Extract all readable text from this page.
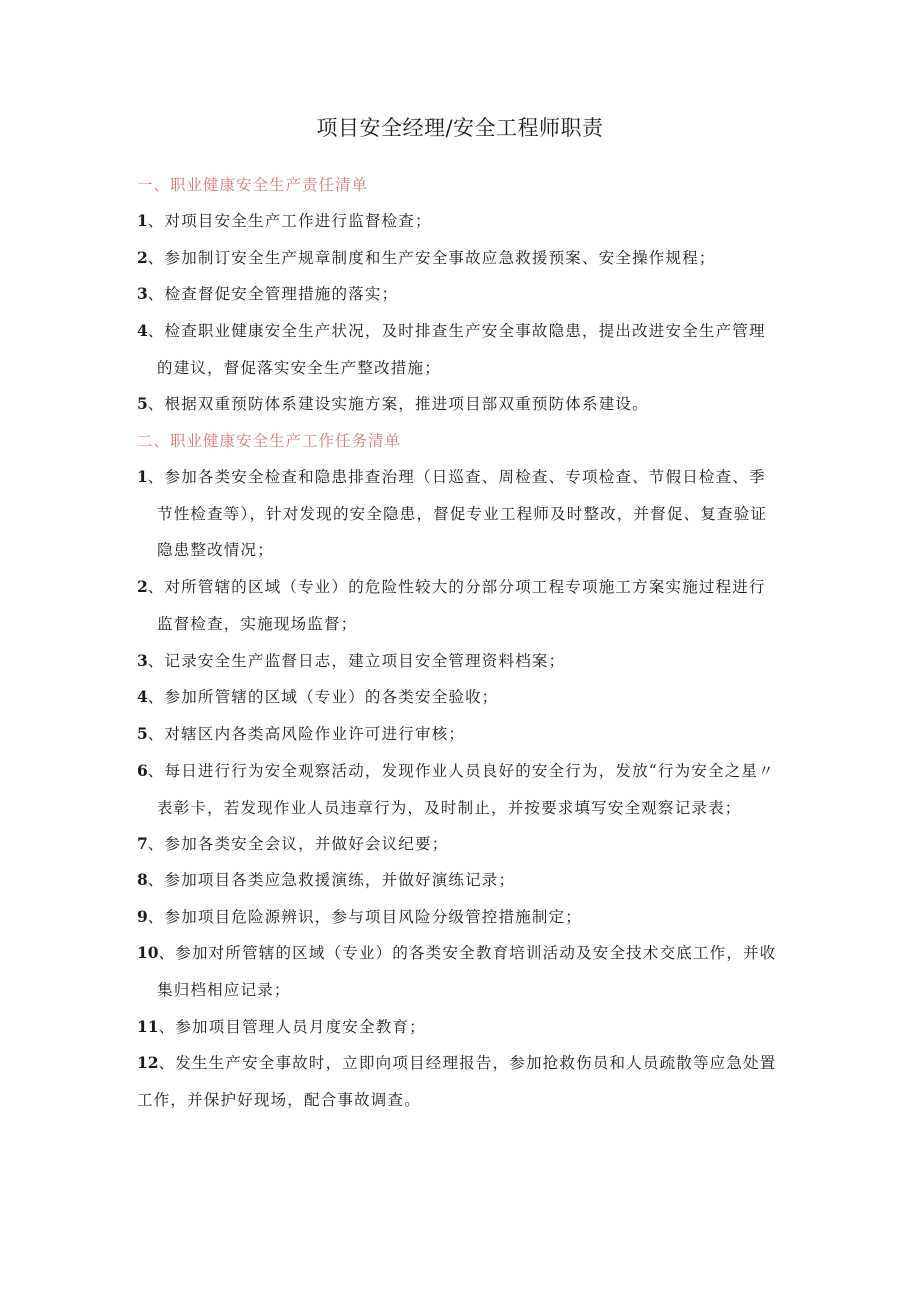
项目安全经理/安全工程师职责
一、职业健康安全生产责任清单
1、对项目安全生产工作进行监督检查；
2、参加制订安全生产规章制度和生产安全事故应急救援预案、安全操作规程；
3、检查督促安全管理措施的落实；
4、检查职业健康安全生产状况，及时排查生产安全事故隐患，提出改进安全生产管理
的建议，督促落实安全生产整改措施；
5、根据双重预防体系建设实施方案，推进项目部双重预防体系建设。
二、职业健康安全生产工作任务清单
1、参加各类安全检查和隐患排查治理（日巡查、周检查、专项检查、节假日检查、季
节性检查等），针对发现的安全隐患，督促专业工程师及时整改，并督促、复查验证
隐患整改情况；
2、对所管辖的区域（专业）的危险性较大的分部分项工程专项施工方案实施过程进行
监督检查，实施现场监督；
3、记录安全生产监督日志，建立项目安全管理资料档案；
4、参加所管辖的区域（专业）的各类安全验收；
5、对辖区内各类高风险作业许可进行审核；
6、每日进行行为安全观察活动，发现作业人员良好的安全行为，发放“行为安全之星〃
表彰卡，若发现作业人员违章行为，及时制止，并按要求填写安全观察记录表；
7、参加各类安全会议，并做好会议纪要；
8、参加项目各类应急救援演练，并做好演练记录；
9、参加项目危险源辨识，参与项目风险分级管控措施制定；
10、参加对所管辖的区域（专业）的各类安全教育培训活动及安全技术交底工作，并收
集归档相应记录；
11、参加项目管理人员月度安全教育；
12、发生生产安全事故时，立即向项目经理报告，参加抢救伤员和人员疏散等应急处置
工作，并保护好现场，配合事故调查。
